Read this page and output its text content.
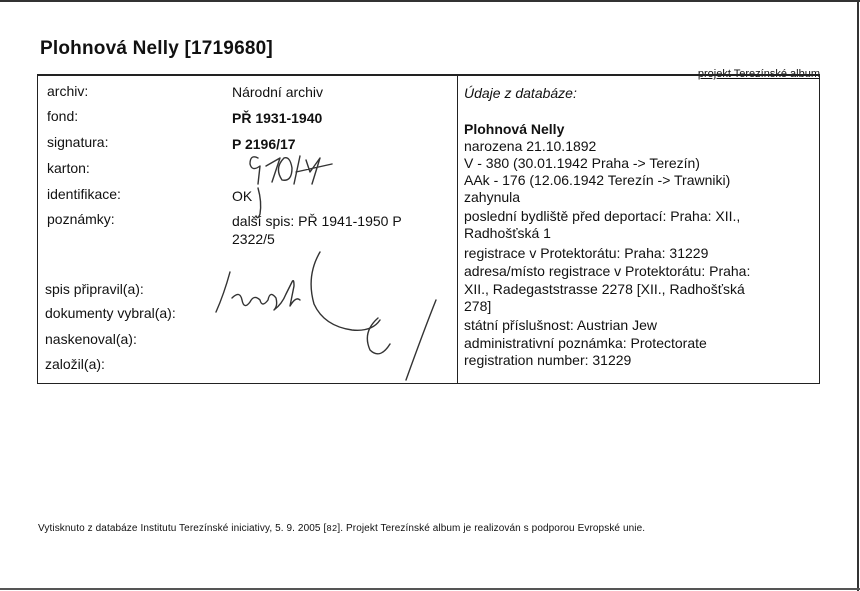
Plohnová Nelly [1719680]
projekt Terezínské album
archiv:
fond:
signatura:
karton:
identifikace:
poznámky:
spis připravil(a):
dokumenty vybral(a):
naskenoval(a):
založil(a):
Národní archiv
PŘ 1931-1940
P 2196/17
OK
další spis: PŘ 1941-1950 P
2322/5
Údaje z databáze:
Plohnová Nelly
narozena 21.10.1892
V - 380 (30.01.1942 Praha -> Terezín)
AAk - 176 (12.06.1942 Terezín -> Trawniki)
zahynula
poslední bydliště před deportací: Praha: XII.,
Radhošťská 1
registrace v Protektorátu: Praha: 31229
adresa/místo registrace v Protektorátu: Praha:
XII., Radegaststrasse 2278 [XII., Radhošťská
278]
státní příslušnost: Austrian Jew
administrativní poznámka: Protectorate
registration number: 31229
Vytisknuto z databáze Institutu Terezínské iniciativy, 5. 9. 2005 [82]. Projekt Terezínské album je realizován s podporou Evropské unie.
